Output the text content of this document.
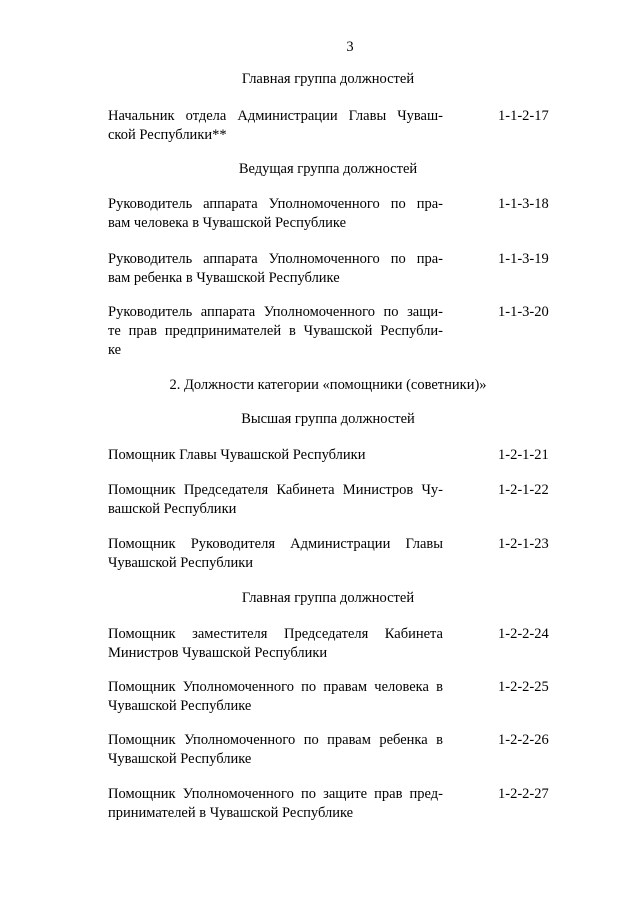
3
Главная группа должностей
Начальник отдела Администрации Главы Чуваш-
ской Республики**
1-1-2-17
Ведущая группа должностей
Руководитель аппарата Уполномоченного по пра-
вам человека в Чувашской Республике
1-1-3-18
Руководитель аппарата Уполномоченного по пра-
вам ребенка в Чувашской Республике
1-1-3-19
Руководитель аппарата Уполномоченного по защи-
те прав предпринимателей в Чувашской Республи-
ке
1-1-3-20
2. Должности категории «помощники (советники)»
Высшая группа должностей
Помощник Главы Чувашской Республики	1-2-1-21
Помощник Председателя Кабинета Министров Чу-
вашской Республики
1-2-1-22
Помощник Руководителя Администрации Главы
Чувашской Республики
1-2-1-23
Главная группа должностей
Помощник заместителя Председателя Кабинета
Министров Чувашской Республики
1-2-2-24
Помощник Уполномоченного по правам человека в
Чувашской Республике
1-2-2-25
Помощник Уполномоченного по правам ребенка в
Чувашской Республике
1-2-2-26
Помощник Уполномоченного по защите прав пред-
принимателей в Чувашской Республике
1-2-2-27
